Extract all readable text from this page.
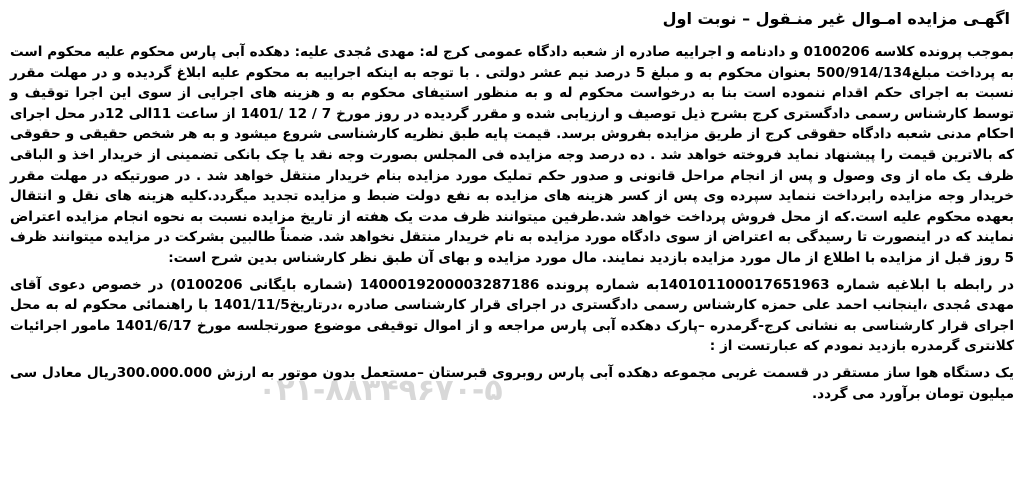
اگهـی مزایده امـوال غیر منـقول – نوبت اول

بموجب پرونده کلاسه 0100206 و دادنامه و اجراییه صادره از شعبه دادگاه عمومی کرج له: مهدی مُجدی علیه: دهکده آبی پارس محکوم علیه محکوم است به پرداخت مبلغ500/914/134 بعنوان محکوم به و مبلغ 5 درصد نیم عشر دولتی . با توجه به اینکه اجراییه به محکوم علیه ابلاغ گردیده و در مهلت مقرر نسبت به اجرای حکم اقدام ننموده است بنا به درخواست محکوم له و به منظور استیفای محکوم به و هزینه های اجرایی از سوی این اجرا توقیف و توسط کارشناس رسمی دادگستری کرج بشرح ذیل توصیف و ارزیابی شده و مقرر گردیده در روز مورخ 7 / 12 /1401 از ساعت 11الی 12در محل اجرای احکام مدنی شعبه دادگاه حقوقی کرج از طریق مزایده بفروش برسد. قیمت پایه طبق نظریه کارشناسی شروع میشود و به هر شخص حقیقی و حقوقی که بالاترین قیمت را پیشنهاد نماید فروخته خواهد شد . ده درصد وجه مزایده فی المجلس بصورت وجه نقد یا چک بانکی تضمینی از خریدار اخذ و الباقی ظرف یک ماه از وی وصول و پس از انجام مراحل قانونی و صدور حکم تملیک مورد مزایده بنام خریدار منتقل خواهد شد . در صورتیکه در مهلت مقرر خریدار وجه مزایده رابرداخت ننماید سپرده وی پس از کسر هزینه های مزایده به نفع دولت ضبط و مزایده تجدید میگردد.کلیه هزینه های نقل و انتقال بعهده محکوم علیه است.که از محل فروش پرداخت خواهد شد.طرفین میتوانند ظرف مدت یک هفته از تاریخ مزایده نسبت به نحوه انجام مزایده اعتراض نمایند که در اینصورت تا رسیدگی به اعتراض از سوی دادگاه مورد مزایده به نام خریدار منتقل نخواهد شد. ضمناً طالبین بشرکت در مزایده میتوانند ظرف 5 روز قبل از مزایده با اطلاع از مال مورد مزایده بازدید نمایند. مال مورد مزایده و بهای آن طبق نظر کارشناس بدین شرح است:

در رابطه با ابلاغیه شماره 140101100017651963به شماره پرونده 140001920000328718‌6 (شماره بایگانی 0100206) در خصوص دعوی آقای مهدی مُجدی ،اینجانب احمد علی حمزه کارشناس رسمی دادگستری در اجرای قرار کارشناسی صادره ،درتاریخ1401/11/5 با راهنمائی محکوم له به محل اجرای قرار کارشناسی به نشانی کرج-گرمدره –پارک دهکده آبی پارس مراجعه و از اموال توقیفی موضوع صورتجلسه مورخ 1401/6/17 مامور اجرائیات کلانتری گرمدره بازدید نمودم که عبارتست از :

یک دستگاه هوا ساز مستقر در قسمت غربی مجموعه دهکده آبی پارس روبروی قبرستان –مستعمل بدون موتور به ارزش 300.000.000ریال معادل سی میلیون تومان برآورد می گردد.

۰۲۱-۸۸۳۴۹۶۷۰-۵
